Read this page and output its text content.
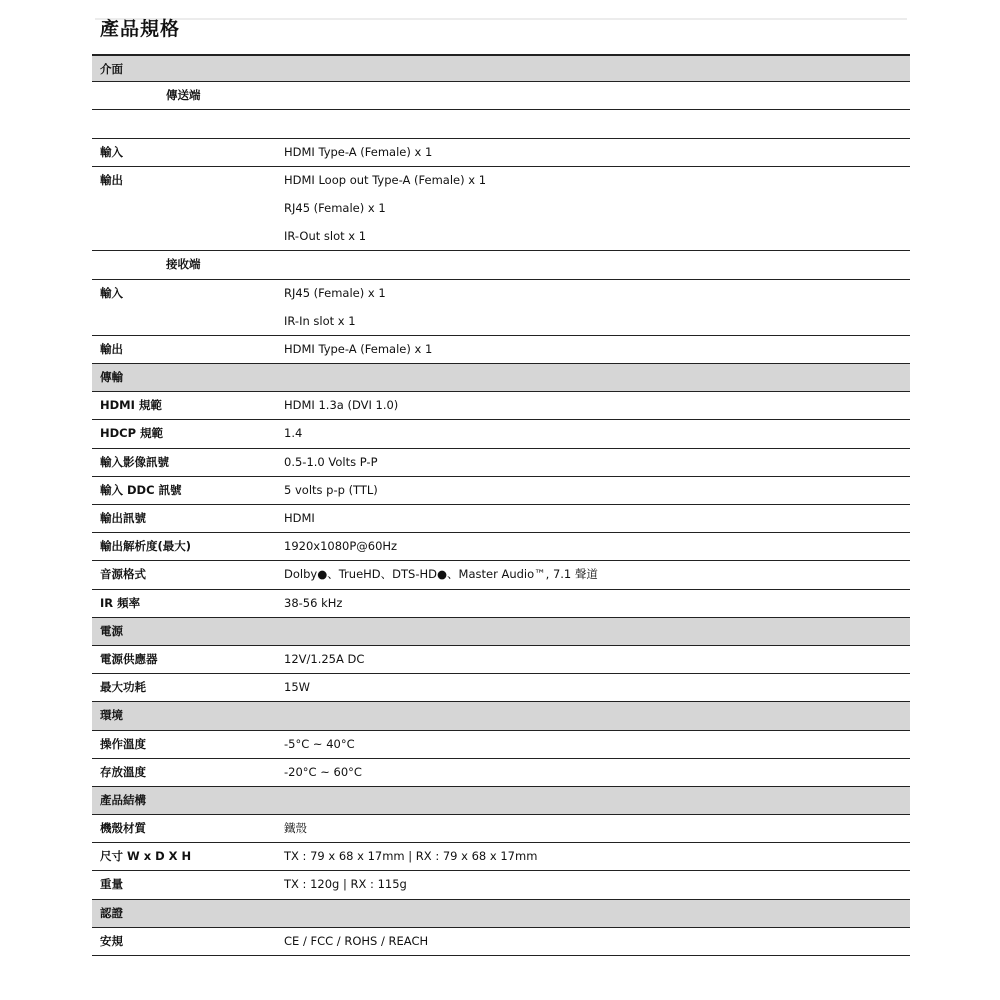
產品規格
介面
傳送端
輸入	HDMI Type-A (Female) x 1
輸出	HDMI Loop out Type-A (Female) x 1
RJ45 (Female) x 1
IR-Out slot x 1
接收端
輸入	RJ45 (Female) x 1
IR-In slot x 1
輸出	HDMI Type-A (Female) x 1
傳輸
HDMI 規範	HDMI 1.3a (DVI 1.0)
HDCP 規範	1.4
輸入影像訊號	0.5-1.0 Volts P-P
輸入 DDC 訊號	5 volts p-p (TTL)
輸出訊號	HDMI
輸出解析度(最大)	1920x1080P@60Hz
音源格式	Dolby●、TrueHD、DTS-HD●、Master Audio™, 7.1 聲道
IR 頻率	38-56 kHz
電源
電源供應器	12V/1.25A DC
最大功耗	15W
環境
操作溫度	-5°C ~ 40°C
存放溫度	-20°C ~ 60°C
產品結構
機殼材質	鐵殼
尺寸 W x D X H	TX : 79 x 68 x 17mm | RX : 79 x 68 x 17mm
重量	TX : 120g | RX : 115g
認證
安規	CE / FCC / ROHS / REACH
